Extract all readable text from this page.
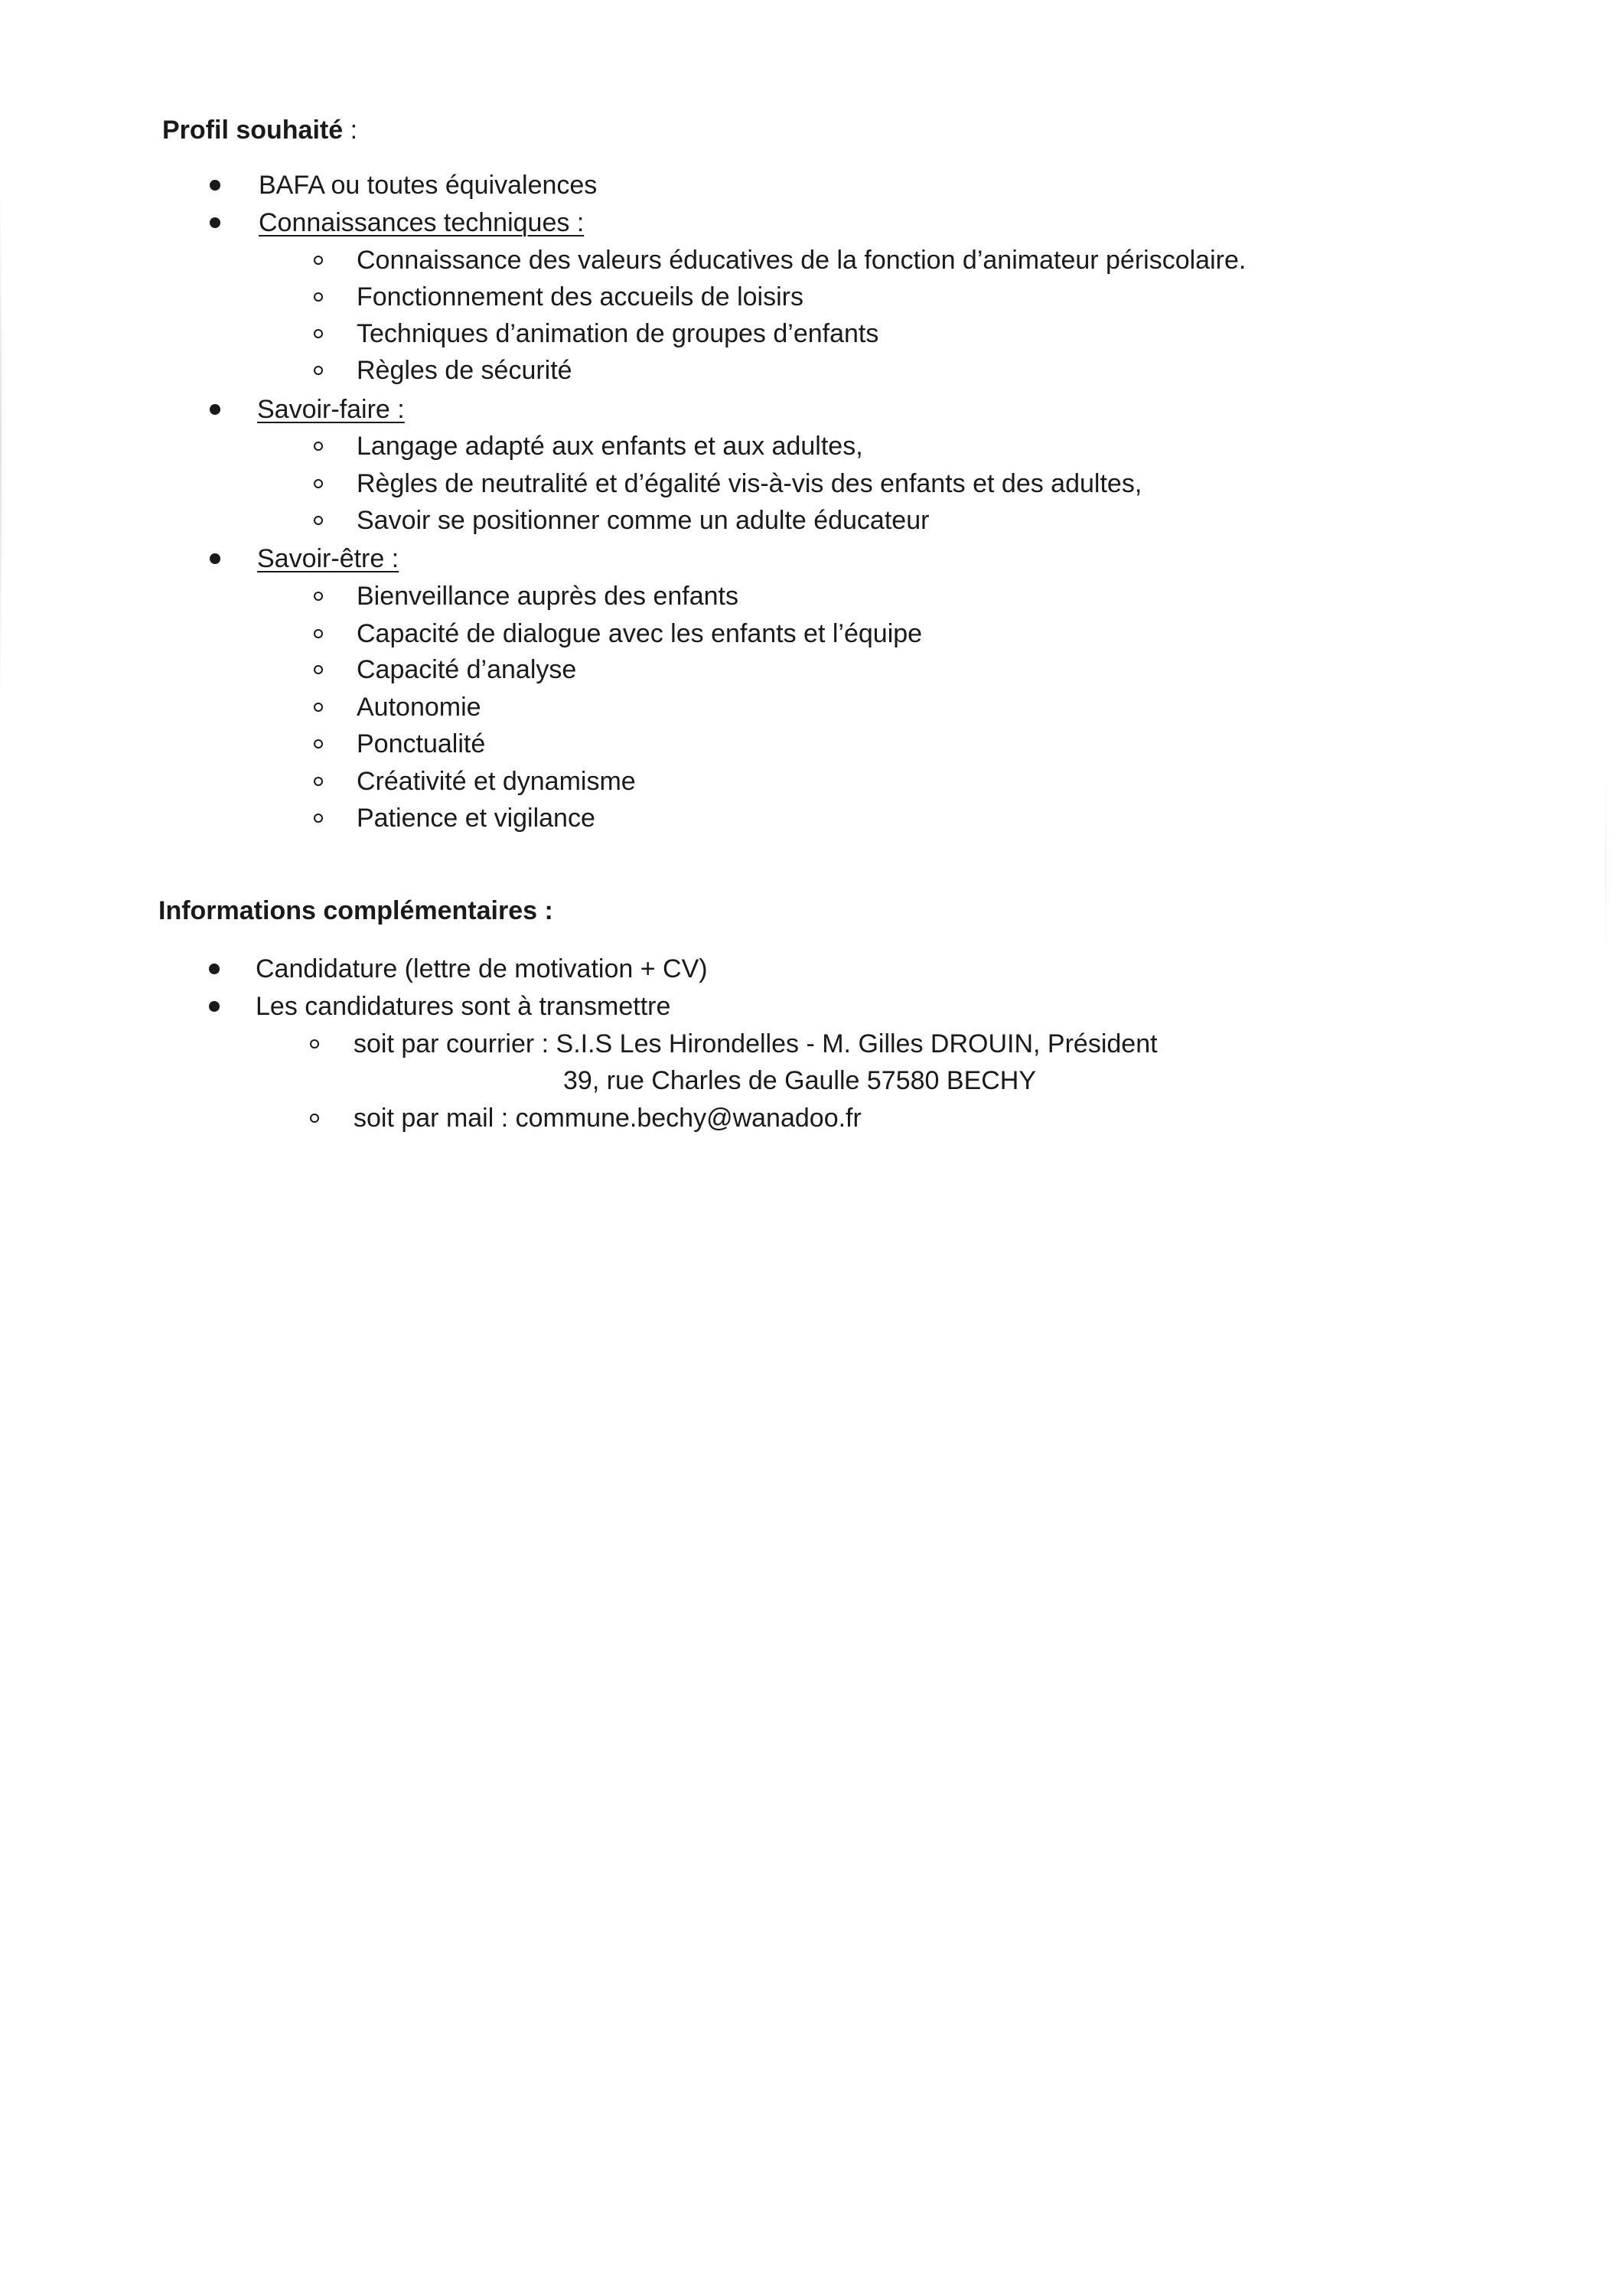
Profil souhaité :
BAFA ou toutes équivalences
Connaissances techniques :
Connaissance des valeurs éducatives de la fonction d’animateur périscolaire.
Fonctionnement des accueils de loisirs
Techniques d’animation de groupes d’enfants
Règles de sécurité
Savoir-faire :
Langage adapté aux enfants et aux adultes,
Règles de neutralité et d’égalité vis-à-vis des enfants et des adultes,
Savoir se positionner comme un adulte éducateur
Savoir-être :
Bienveillance auprès des enfants
Capacité de dialogue avec les enfants et l’équipe
Capacité d’analyse
Autonomie
Ponctualité
Créativité et dynamisme
Patience et vigilance
Informations complémentaires :
Candidature (lettre de motivation + CV)
Les candidatures sont à transmettre
soit par courrier : S.I.S Les Hirondelles - M. Gilles DROUIN, Président
39, rue Charles de Gaulle 57580 BECHY
soit par mail : commune.bechy@wanadoo.fr
